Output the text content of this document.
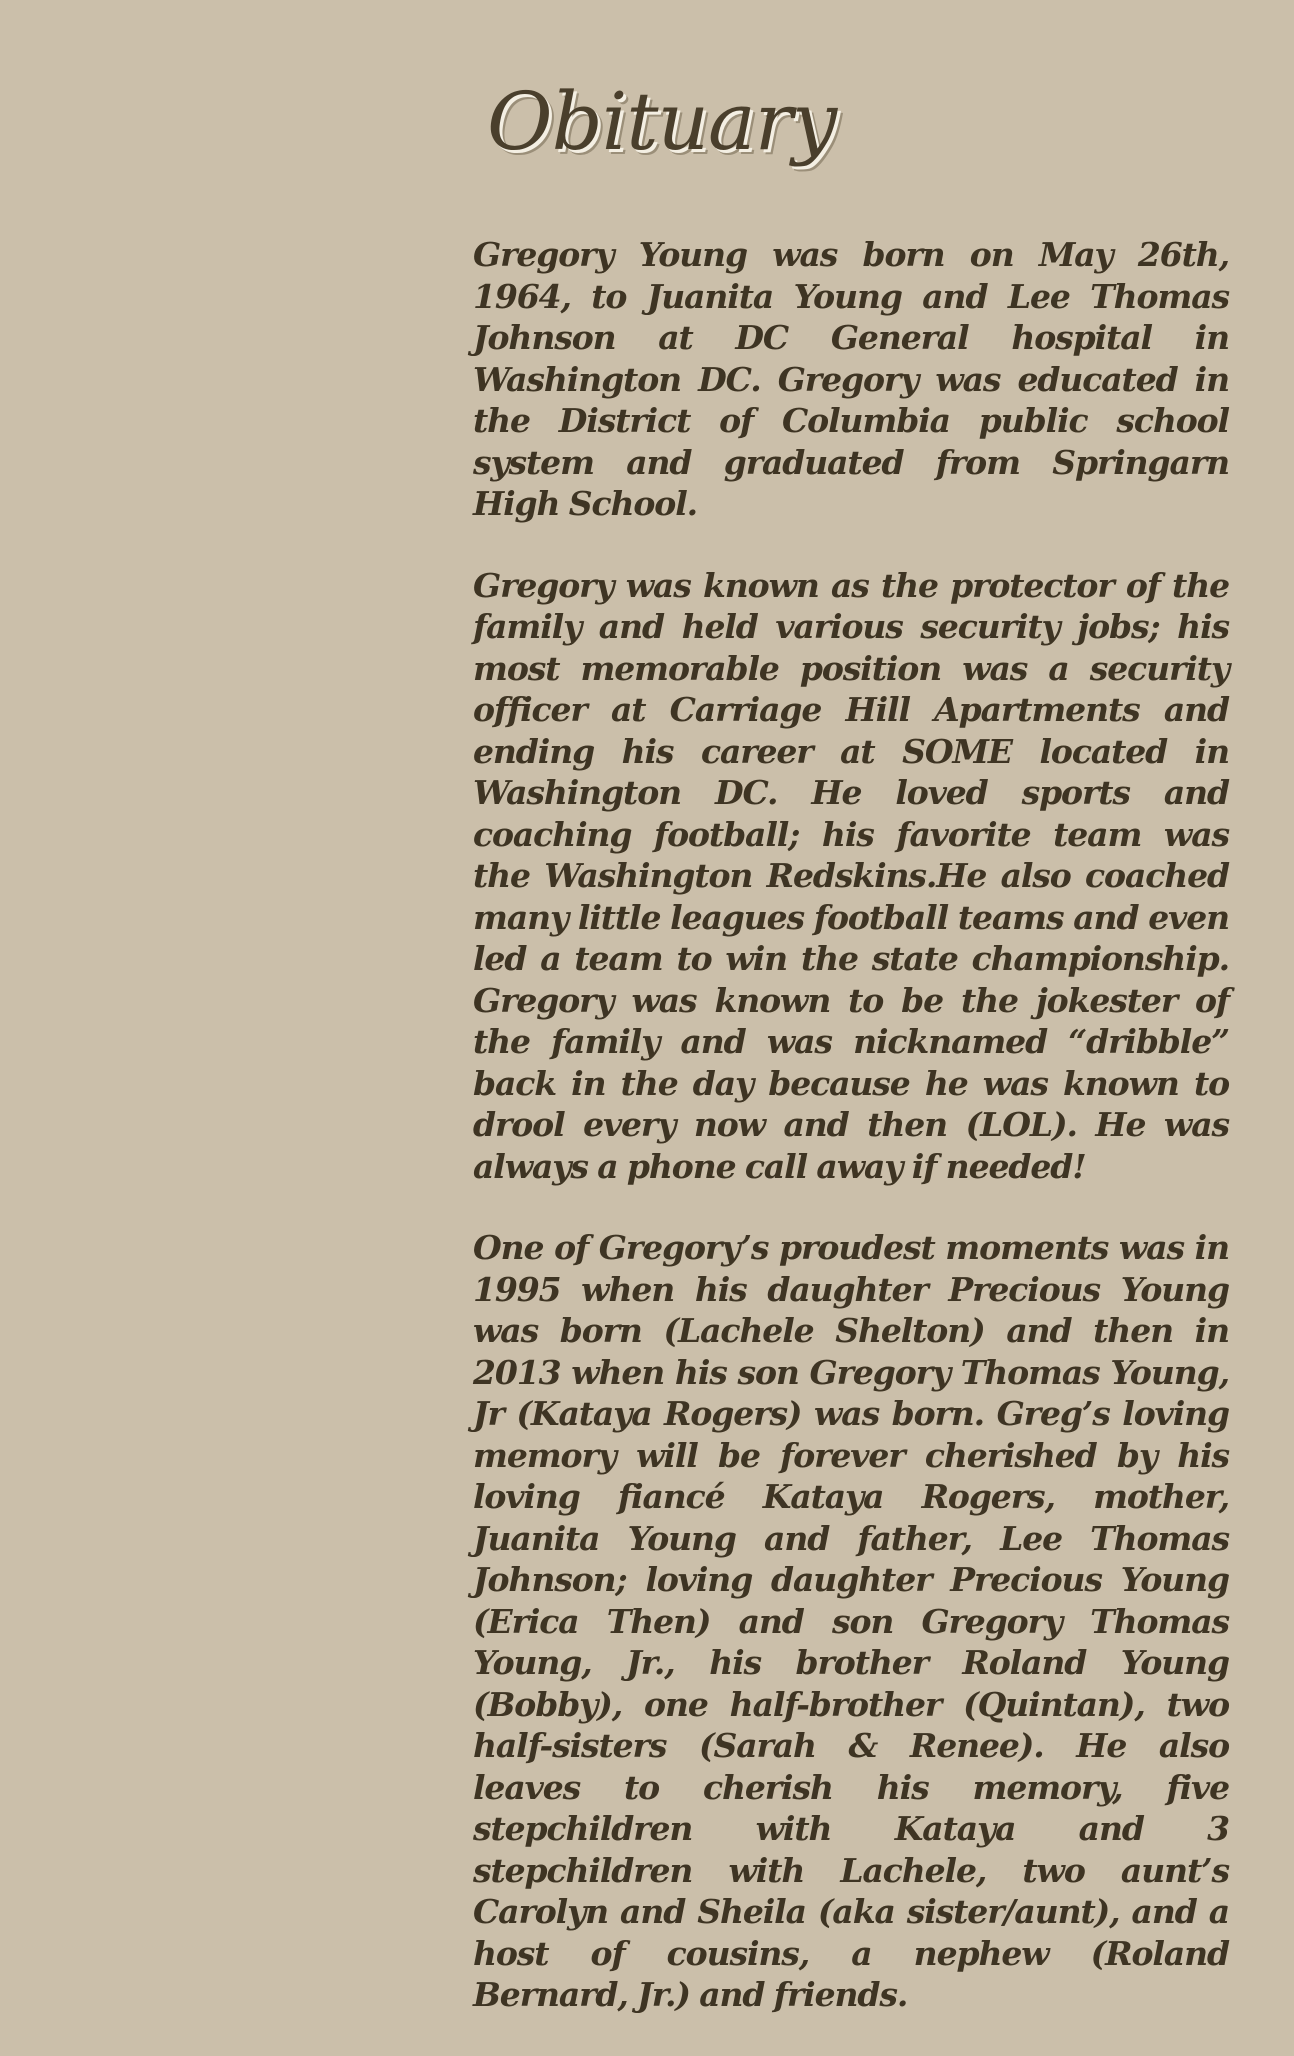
Obituary

Gregory Young was born on May 26th, 1964, to Juanita Young and Lee Thomas Johnson at DC General hospital in Washington DC. Gregory was educated in the District of Columbia public school system and graduated from Springarn High School.

Gregory was known as the protector of the family and held various security jobs; his most memorable position was a security officer at Carriage Hill Apartments and ending his career at SOME located in Washington DC. He loved sports and coaching football; his favorite team was the Washington Redskins.He also coached many little leagues football teams and even led a team to win the state championship. Gregory was known to be the jokester of the family and was nicknamed “dribble” back in the day because he was known to drool every now and then (LOL). He was always a phone call away if needed!

One of Gregory’s proudest moments was in 1995 when his daughter Precious Young was born (Lachele Shelton) and then in 2013 when his son Gregory Thomas Young, Jr (Kataya Rogers) was born. Greg’s loving memory will be forever cherished by his loving fiancé Kataya Rogers, mother, Juanita Young and father, Lee Thomas Johnson; loving daughter Precious Young (Erica Then) and son Gregory Thomas Young, Jr., his brother Roland Young (Bobby), one half-brother (Quintan), two half-sisters (Sarah & Renee). He also leaves to cherish his memory, five stepchildren with Kataya and 3 stepchildren with Lachele, two aunt’s Carolyn and Sheila (aka sister/aunt), and a host of cousins, a nephew (Roland Bernard, Jr.) and friends.
